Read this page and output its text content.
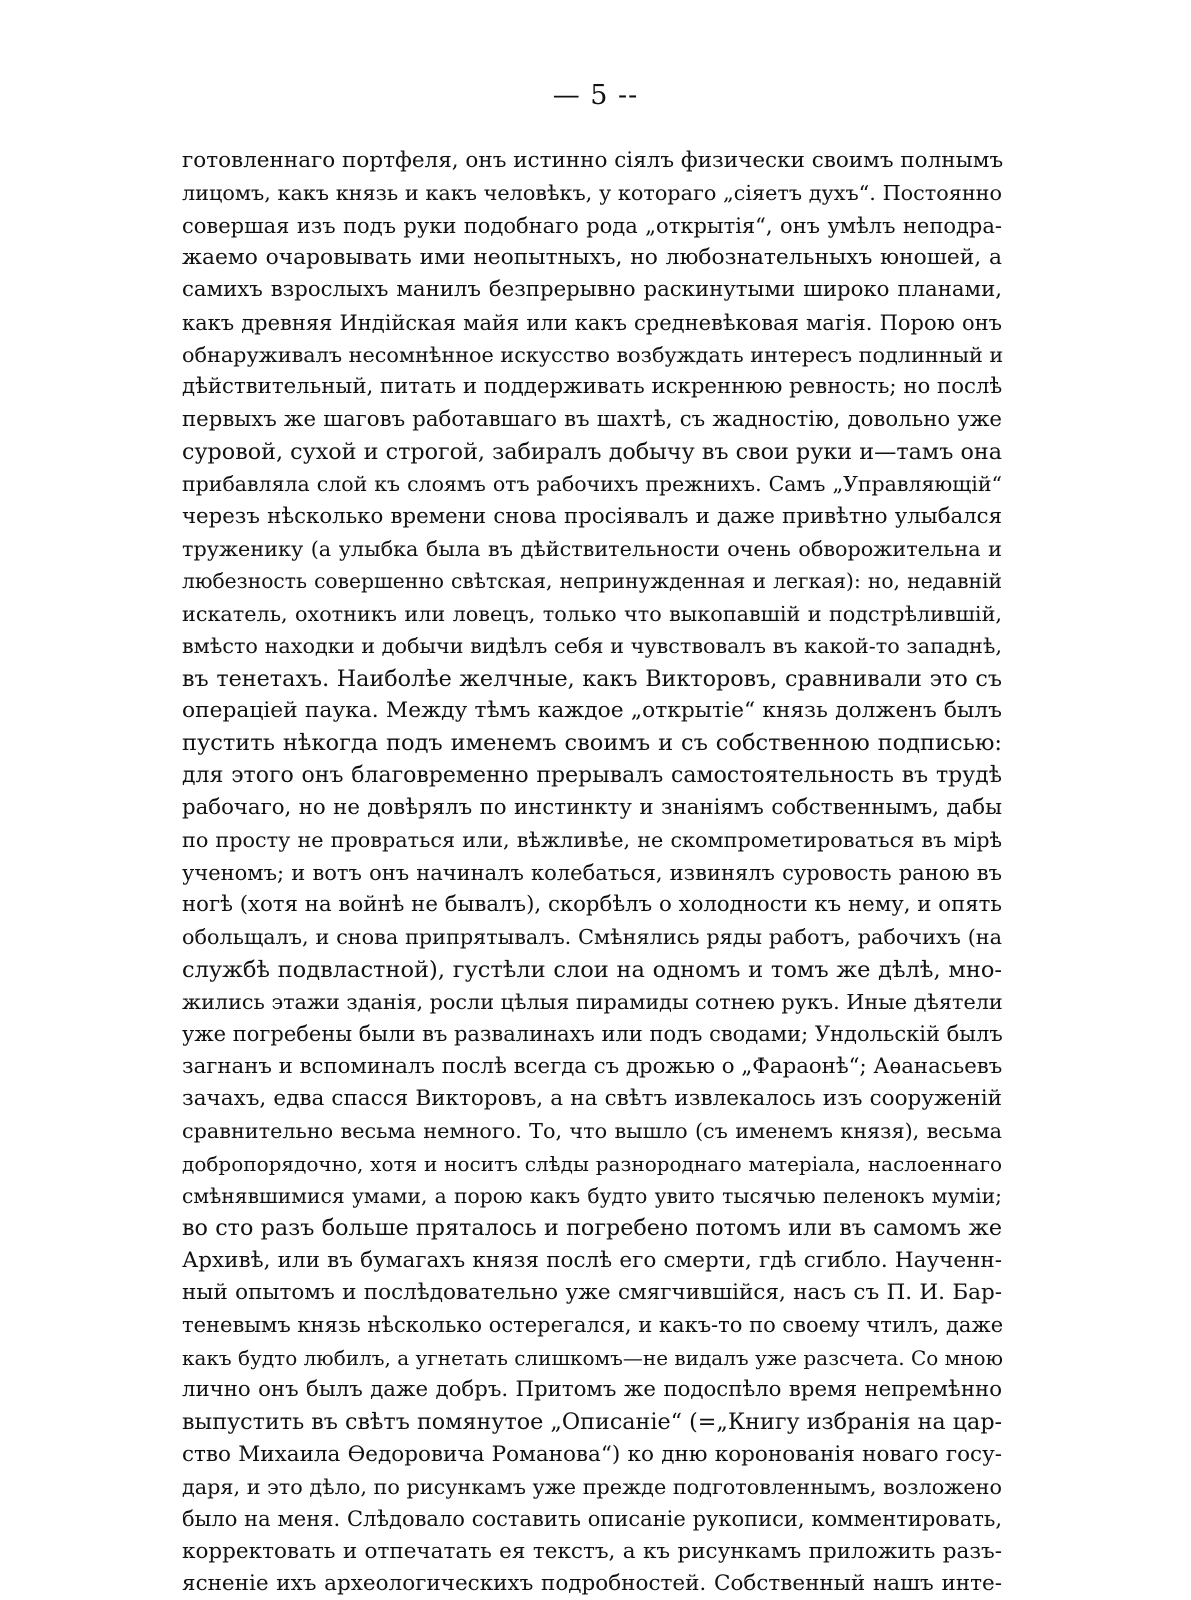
— 5 --
готовленнаго портфеля, онъ истинно сіялъ физически своимъ полнымъ
лицомъ, какъ князь и какъ человѣкъ, у котораго „сіяетъ духъ“. Постоянно
совершая изъ подъ руки подобнаго рода „открытія“, онъ умѣлъ неподра-
жаемо очаровывать ими неопытныхъ, но любознательныхъ юношей, а
самихъ взрослыхъ манилъ безпрерывно раскинутыми широко планами,
какъ древняя Индійская майя или какъ средневѣковая магія. Порою онъ
обнаруживалъ несомнѣнное искусство возбуждать интересъ подлинный и
дѣйствительный, питать и поддерживать искреннюю ревность; но послѣ
первыхъ же шаговъ работавшаго въ шахтѣ, съ жадностію, довольно уже
суровой, сухой и строгой, забиралъ добычу въ свои руки и—тамъ она
прибавляла слой къ слоямъ отъ рабочихъ прежнихъ. Самъ „Управляющій“
черезъ нѣсколько времени снова просіявалъ и даже привѣтно улыбался
труженику (а улыбка была въ дѣйствительности очень обворожительна и
любезность совершенно свѣтская, непринужденная и легкая): но, недавній
искатель, охотникъ или ловецъ, только что выкопавшій и подстрѣлившій,
вмѣсто находки и добычи видѣлъ себя и чувствовалъ въ какой-то западнѣ,
въ тенетахъ. Наиболѣе желчные, какъ Викторовъ, сравнивали это съ
операціей паука. Между тѣмъ каждое „открытіе“ князь долженъ былъ
пустить нѣкогда подъ именемъ своимъ и съ собственною подписью:
для этого онъ благовременно прерывалъ самостоятельность въ трудѣ
рабочаго, но не довѣрялъ по инстинкту и знаніямъ собственнымъ, дабы
по просту не проврaться или, вѣжливѣе, не скомпрометироваться въ мірѣ
ученомъ; и вотъ онъ начиналъ колебаться, извинялъ суровость раною въ
ногѣ (хотя на войнѣ не бывалъ), скорбѣлъ о холодности къ нему, и опять
обольщалъ, и снова припрятывалъ. Смѣнялись ряды работъ, рабочихъ (на
службѣ подвластной), густѣли слои на одномъ и томъ же дѣлѣ, мно-
жились этажи зданія, росли цѣлыя пирамиды сотнею рукъ. Иные дѣятели
уже погребены были въ развалинахъ или подъ сводами; Ундольскій былъ
загнанъ и вспоминалъ послѣ всегда съ дрожью о „Фараонѣ“; Аѳанасьевъ
зачахъ, едва спасся Викторовъ, а на свѣтъ извлекалось изъ сооруженій
сравнительно весьма немного. То, что вышло (съ именемъ князя), весьма
добропорядочно, хотя и носитъ слѣды разнороднаго матеріала, наслоеннаго
смѣнявшимися умами, а порою какъ будто увито тысячью пеленокъ муміи;
во сто разъ больше пряталось и погребено потомъ или въ самомъ же
Архивѣ, или въ бумагахъ князя послѣ его смерти, гдѣ сгибло. Наученн-
ный опытомъ и послѣдовательно уже смягчившійся, насъ съ П. И. Бар-
теневымъ князь нѣсколько остерегался, и какъ-то по своему чтилъ, даже
какъ будто любилъ, а угнетать слишкомъ—не видалъ уже разсчета. Со мною
лично онъ былъ даже добръ. Притомъ же подоспѣло время непремѣнно
выпустить въ свѣтъ помянутое „Описаніе“ (=„Книгу избранія на цар-
ство Михаила Ѳедоровича Романова“) ко дню коронованія новаго госу-
даря, и это дѣло, по рисункамъ уже прежде подготовленнымъ, возложено
было на меня. Слѣдовало составить описаніе рукописи, комментировать,
корректовать и отпечатать ея текстъ, а къ рисункамъ приложить разъ-
ясненіе ихъ археологическихъ подробностей. Собственный нашъ инте-
